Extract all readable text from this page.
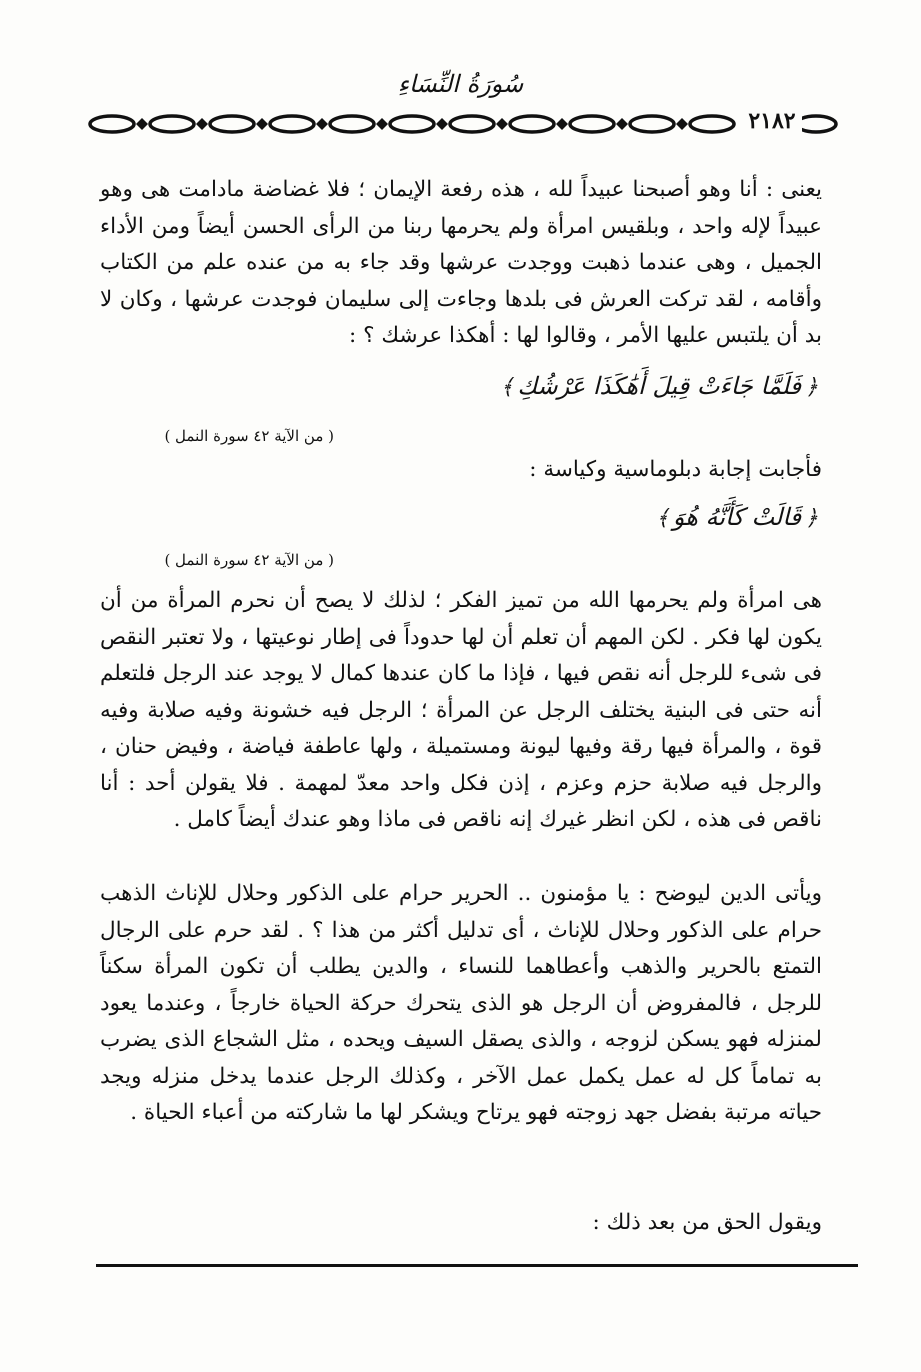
سُورَةُ النِّسَاءِ
٢١٨٢
يعنى : أنا وهو أصبحنا عبيداً لله ، هذه رفعة الإيمان ؛ فلا غضاضة مادامت هى وهو عبيداً لإله واحد ، وبلقيس امرأة ولم يحرمها ربنا من الرأى الحسن أيضاً ومن الأداء الجميل ، وهى عندما ذهبت ووجدت عرشها وقد جاء به من عنده علم من الكتاب وأقامه ، لقد تركت العرش فى بلدها وجاءت إلى سليمان فوجدت عرشها ، وكان لا بد أن يلتبس عليها الأمر ، وقالوا لها : أهكذا عرشك ؟ :
﴿فَلَمَّا جَاءَتْ قِيلَ أَهَٰكَذَا عَرْشُكِ﴾
( من الآية ٤٢ سورة النمل )
فأجابت إجابة دبلوماسية وكياسة :
﴿قَالَتْ كَأَنَّهُ هُوَ﴾
( من الآية ٤٢ سورة النمل )
هى امرأة ولم يحرمها الله من تميز الفكر ؛ لذلك لا يصح أن نحرم المرأة من أن يكون لها فكر . لكن المهم أن تعلم أن لها حدوداً فى إطار نوعيتها ، ولا تعتبر النقص فى شىء للرجل أنه نقص فيها ، فإذا ما كان عندها كمال لا يوجد عند الرجل فلتعلم أنه حتى فى البنية يختلف الرجل عن المرأة ؛ الرجل فيه خشونة وفيه صلابة وفيه قوة ، والمرأة فيها رقة وفيها ليونة ومستميلة ، ولها عاطفة فياضة ، وفيض حنان ، والرجل فيه صلابة حزم وعزم ، إذن فكل واحد معدّ لمهمة . فلا يقولن أحد : أنا ناقص فى هذه ، لكن انظر غيرك إنه ناقص فى ماذا وهو عندك أيضاً كامل .
ويأتى الدين ليوضح : يا مؤمنون .. الحرير حرام على الذكور وحلال للإناث الذهب حرام على الذكور وحلال للإناث ، أى تدليل أكثر من هذا ؟ . لقد حرم على الرجال التمتع بالحرير والذهب وأعطاهما للنساء ، والدين يطلب أن تكون المرأة سكناً للرجل ، فالمفروض أن الرجل هو الذى يتحرك حركة الحياة خارجاً ، وعندما يعود لمنزله فهو يسكن لزوجه ، والذى يصقل السيف ويحده ، مثل الشجاع الذى يضرب به تماماً كل له عمل يكمل عمل الآخر ، وكذلك الرجل عندما يدخل منزله ويجد حياته مرتبة بفضل جهد زوجته فهو يرتاح ويشكر لها ما شاركته من أعباء الحياة .
ويقول الحق من بعد ذلك :
